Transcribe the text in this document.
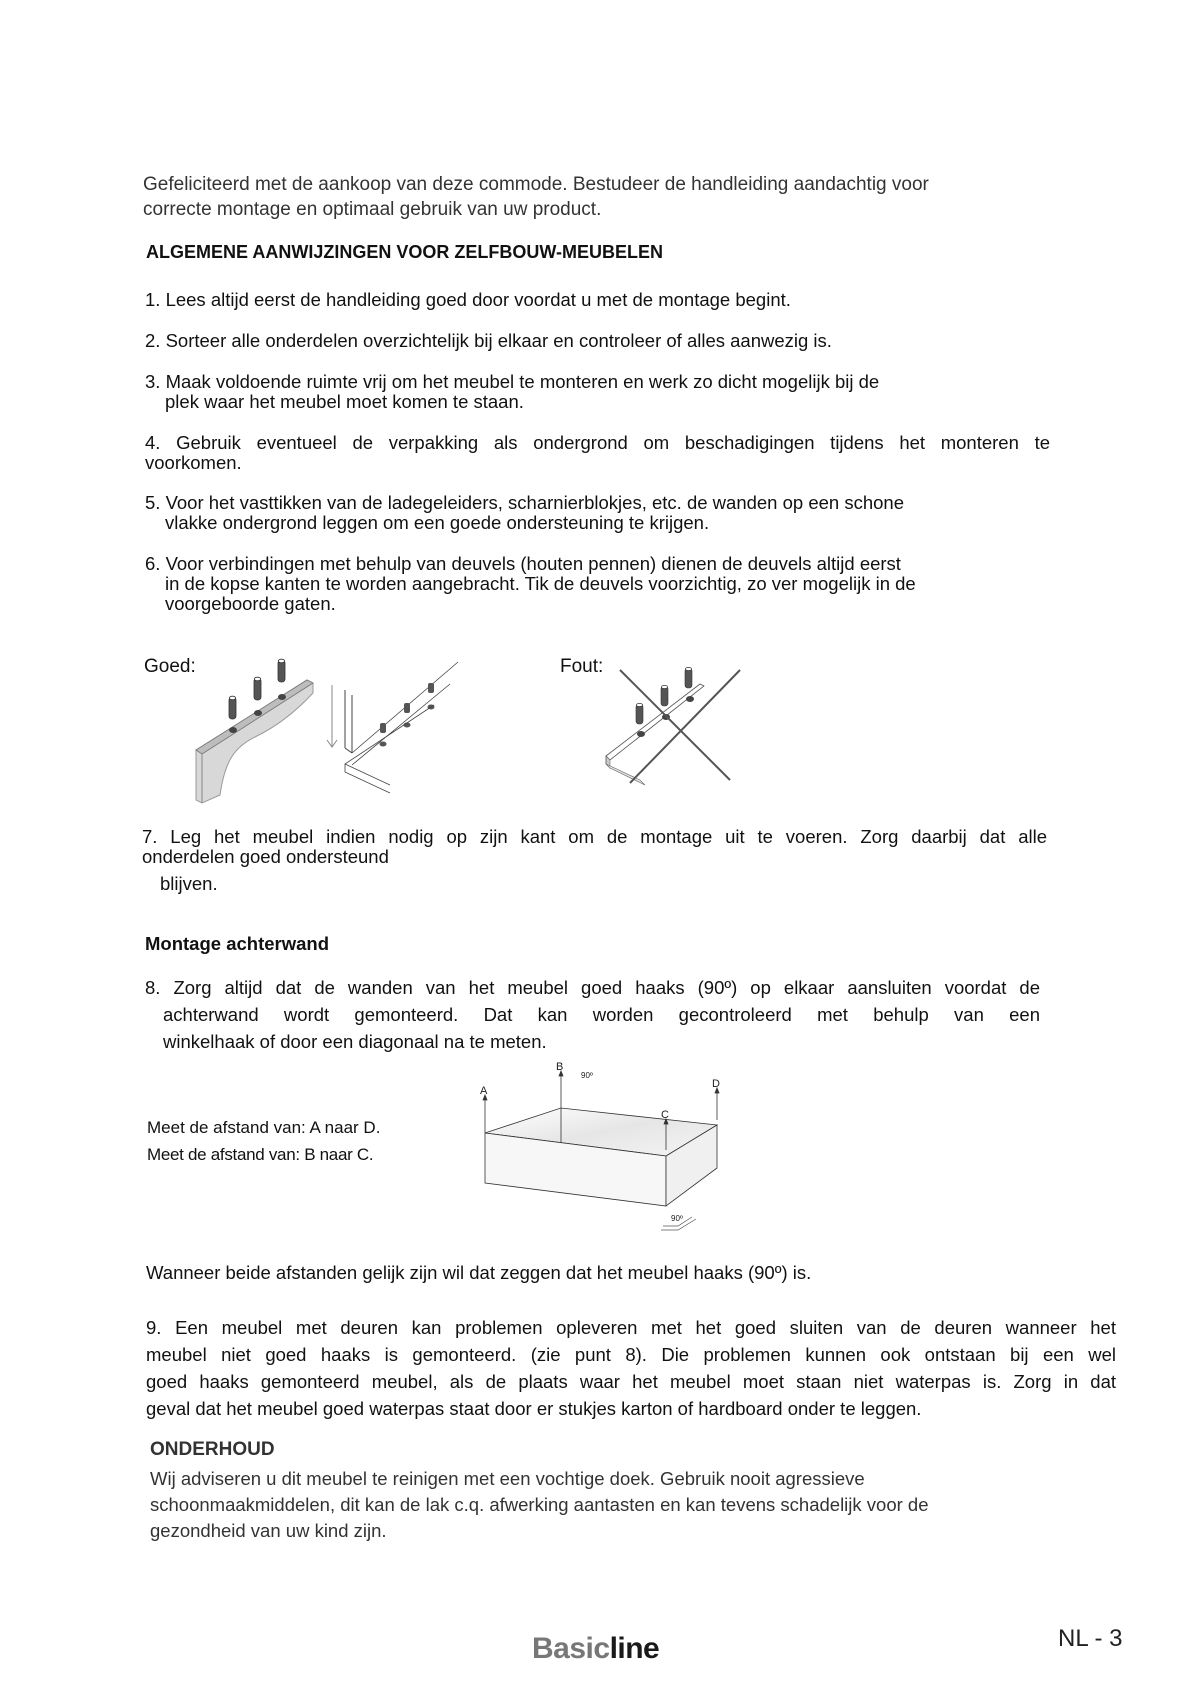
Gefeliciteerd met de aankoop van deze commode. Bestudeer de handleiding aandachtig voor
correcte montage en optimaal gebruik van uw product.
ALGEMENE AANWIJZINGEN VOOR ZELFBOUW-MEUBELEN
1. Lees altijd eerst de handleiding goed door voordat u met de montage begint.
2. Sorteer alle onderdelen overzichtelijk bij elkaar en controleer of alles aanwezig is.
3. Maak voldoende ruimte vrij om het meubel te monteren en werk zo dicht mogelijk bij de
plek waar het meubel moet komen te staan.
4. Gebruik eventueel de verpakking als ondergrond om beschadigingen tijdens het monteren te
voorkomen.
5. Voor het vasttikken van de ladegeleiders, scharnierblokjes, etc. de wanden op een schone
vlakke ondergrond leggen om een goede ondersteuning te krijgen.
6. Voor verbindingen met behulp van deuvels (houten pennen) dienen de deuvels altijd eerst
in de kopse kanten te worden aangebracht. Tik de deuvels voorzichtig, zo ver mogelijk in de
voorgeboorde gaten.
Goed:	Fout:
7. Leg het meubel indien nodig op zijn kant om de montage uit te voeren. Zorg daarbij dat alle
onderdelen goed ondersteund
blijven.
Montage achterwand
8. Zorg altijd dat de wanden van het meubel goed haaks (90º) op elkaar aansluiten voordat de
achterwand wordt gemonteerd. Dat kan worden gecontroleerd met behulp van een
winkelhaak of door een diagonaal na te meten.
Meet de afstand van: A naar D.
Meet de afstand van: B naar C.
A
B
C
D
90º
90º
Wanneer beide afstanden gelijk zijn wil dat zeggen dat het meubel haaks (90º) is.
9. Een meubel met deuren kan problemen opleveren met het goed sluiten van de deuren wanneer het
meubel niet goed haaks is gemonteerd. (zie punt 8). Die problemen kunnen ook ontstaan bij een wel
goed haaks gemonteerd meubel, als de plaats waar het meubel moet staan niet waterpas is. Zorg in dat
geval dat het meubel goed waterpas staat door er stukjes karton of hardboard onder te leggen.
ONDERHOUD
Wij adviseren u dit meubel te reinigen met een vochtige doek. Gebruik nooit agressieve
schoonmaakmiddelen, dit kan de lak c.q. afwerking aantasten en kan tevens schadelijk voor de
gezondheid van uw kind zijn.
Basicline	NL - 3
